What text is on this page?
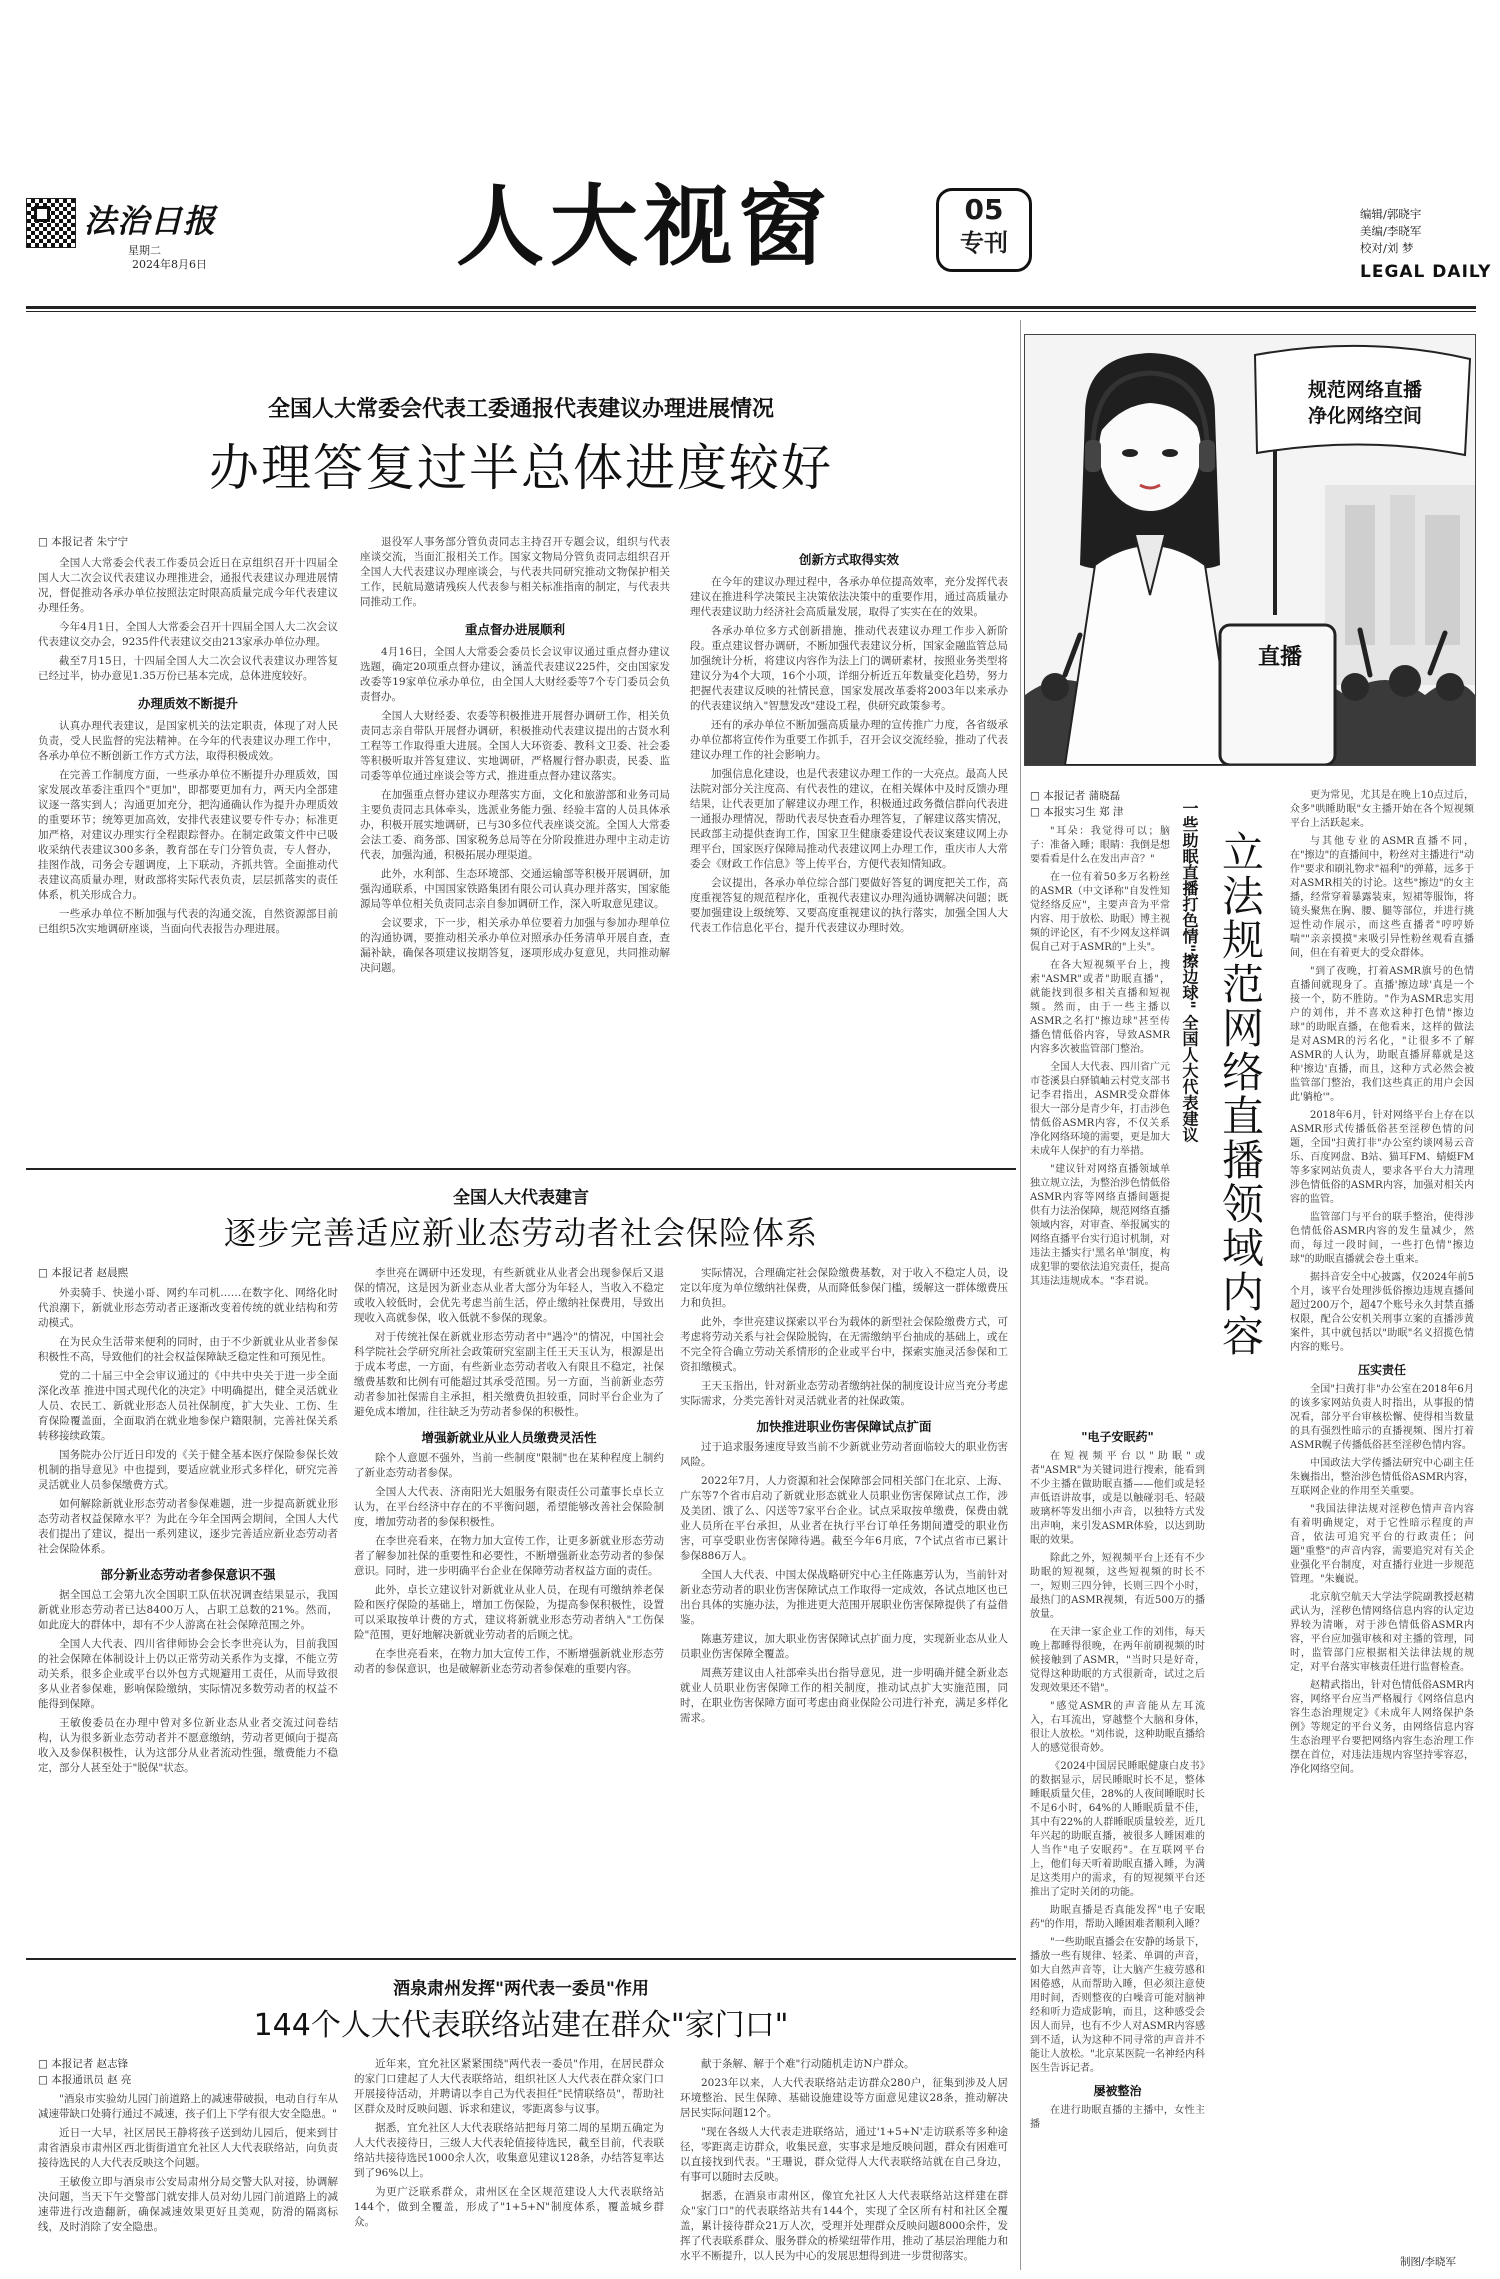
法治日报
星期二
2024年8月6日	人大视窗	05
专刊
编辑/郭晓宇
美编/李晓军
校对/刘 梦
LEGAL DAILY
全国人大常委会代表工委通报代表建议办理进展情况
办理答复过半总体进度较好
□ 本报记者 朱宁宁

全国人大常委会代表工作委员会近日在京组织召开十四届全国人大二次会议代表建议办理推进会，通报代表建议办理进展情况，督促推动各承办单位按照法定时限高质量完成今年代表建议办理任务。

今年4月1日，全国人大常委会召开十四届全国人大二次会议代表建议交办会，9235件代表建议交由213家承办单位办理。

截至7月15日，十四届全国人大二次会议代表建议办理答复已经过半，协办意见1.35万份已基本完成，总体进度较好。

办理质效不断提升

认真办理代表建议，是国家机关的法定职责，体现了对人民负责，受人民监督的宪法精神。在今年的代表建议办理工作中，各承办单位不断创新工作方式方法，取得积极成效。

在完善工作制度方面，一些承办单位不断提升办理质效，国家发展改革委注重四个"更加"，即都要更加有力，两天内全部建议逐一落实到人；沟通更加充分，把沟通确认作为提升办理质效的重要环节；统筹更加高效，安排代表建议要专件专办；标准更加严格，对建议办理实行全程跟踪督办。在制定政策文件中已吸收采纳代表建议300多条，教育部在专门分管负责，专人督办，挂图作战，司务会专题调度，上下联动，齐抓共管。全面推动代表建议高质量办理，财政部将实际代表负责，层层抓落实的责任体系，机关形成合力。

一些承办单位不断加强与代表的沟通交流，自然资源部目前已组织5次实地调研座谈，当面向代表报告办理进展。

退役军人事务部分管负责同志主持召开专题会议，组织与代表座谈交流，当面汇报相关工作。国家文物局分管负责同志组织召开全国人大代表建议办理座谈会，与代表共同研究推动文物保护相关工作，民航局邀请残疾人代表参与相关标准指南的制定，与代表共同推动工作。

重点督办进展顺利

4月16日，全国人大常委会委员长会议审议通过重点督办建议选题，确定20项重点督办建议，涵盖代表建议225件，交由国家发改委等19家单位承办单位，由全国人大财经委等7个专门委员会负责督办。

全国人大财经委、农委等积极推进开展督办调研工作，相关负责同志亲自带队开展督办调研，积极推动代表建议提出的古贤水利工程等工作取得重大进展。全国人大环资委、教科文卫委、社会委等积极听取并答复建议、实地调研，严格履行督办职责，民委、监司委等单位通过座谈会等方式，推进重点督办建议落实。

在加强重点督办建议办理落实方面，文化和旅游部和业务司局主要负责同志具体牵头，选派业务能力强、经验丰富的人员具体承办，积极开展实地调研，已与30多位代表座谈交流。全国人大常委会法工委、商务部、国家税务总局等在分阶段推进办理中主动走访代表，加强沟通，积极拓展办理渠道。

此外，水利部、生态环境部、交通运输部等积极开展调研，加强沟通联系，中国国家铁路集团有限公司认真办理并落实，国家能源局等单位相关负责同志亲自参加调研工作，深入听取意见建议。

会议要求，下一步，相关承办单位要着力加强与参加办理单位的沟通协调，要推动相关承办单位对照承办任务清单开展自查，查漏补缺，确保各项建议按期答复，逐项形成办复意见，共同推动解决问题。

创新方式取得实效

在今年的建议办理过程中，各承办单位提高效率，充分发挥代表建议在推进科学决策民主决策依法决策中的重要作用，通过高质量办理代表建议助力经济社会高质量发展，取得了实实在在的效果。

各承办单位多方式创新措施，推动代表建议办理工作步入新阶段。重点建议督办调研，不断加强代表建议分析，国家金融监管总局加强统计分析，将建议内容作为法上门的调研素材，按照业务类型将建议分为4个大项，16个小项，详细分析近五年数量变化趋势，努力把握代表建议反映的社情民意，国家发展改革委将2003年以来承办的代表建议纳入"智慧发改"建设工程，供研究政策参考。

还有的承办单位不断加强高质量办理的宣传推广力度，各省级承办单位都将宣传作为重要工作抓手，召开会议交流经验，推动了代表建议办理工作的社会影响力。

加强信息化建设，也是代表建议办理工作的一大亮点。最高人民法院对部分关注度高、有代表性的建议，在相关媒体中及时反馈办理结果，让代表更加了解建议办理工作，积极通过政务微信群向代表进一通报办理情况，帮助代表尽快查看办理答复，了解建议落实情况，民政部主动提供查询工作，国家卫生健康委建设代表议案建议网上办理平台，国家医疗保障局推动代表建议网上办理工作，重庆市人大常委会《财政工作信息》等上传平台，方便代表知情知政。

会议提出，各承办单位综合部门要做好答复的调度把关工作，高度重视答复的规范程序化，重视代表建议办理沟通协调解决问题；既要加强建设上级统筹、又要高度重视建议的执行落实，加强全国人大代表工作信息化平台，提升代表建议办理时效。

全国人大代表建言
逐步完善适应新业态劳动者社会保险体系
□ 本报记者 赵晨熙

外卖骑手、快递小哥、网约车司机……在数字化、网络化时代浪潮下，新就业形态劳动者正逐渐改变着传统的就业结构和劳动模式。

在为民众生活带来便利的同时，由于不少新就业从业者参保积极性不高，导致他们的社会权益保障缺乏稳定性和可预见性。

党的二十届三中全会审议通过的《中共中央关于进一步全面深化改革 推进中国式现代化的决定》中明确提出，健全灵活就业人员、农民工、新就业形态人员社保制度，扩大失业、工伤、生育保险覆盖面，全面取消在就业地参保户籍限制，完善社保关系转移接续政策。

国务院办公厅近日印发的《关于健全基本医疗保险参保长效机制的指导意见》中也提到，要适应就业形式多样化，研究完善灵活就业人员参保缴费方式。

如何解除新就业形态劳动者参保难题，进一步提高新就业形态劳动者权益保障水平？为此在今年全国两会期间，全国人大代表们提出了建议，提出一系列建议，逐步完善适应新业态劳动者社会保险体系。

部分新业态劳动者参保意识不强

据全国总工会第九次全国职工队伍状况调查结果显示，我国新就业形态劳动者已达8400万人，占职工总数的21%。然而，如此庞大的群体中，却有不少人游离在社会保障范围之外。

全国人大代表、四川省律师协会会长李世亮认为，目前我国的社会保障在体制设计上仍以正常劳动关系作为支撑，不能立劳动关系，很多企业或平台以外包方式规避用工责任，从而导致很多从业者参保难，影响保险缴纳，实际情况多数劳动者的权益不能得到保障。

王敏俊委员在办理中曾对多位新业态从业者交流过问卷结构，认为很多新业态劳动者并不愿意缴纳，劳动者更倾向于提高收入及参保积极性，认为这部分从业者流动性强，缴费能力不稳定，部分人甚至处于"脱保"状态。

李世亮在调研中还发现，有些新就业从业者会出现参保后又退保的情况，这是因为新业态从业者大部分为年轻人，当收入不稳定或收入较低时，会优先考虑当前生活，停止缴纳社保费用，导致出现收入高就参保，收入低就不参保的现象。

对于传统社保在新就业形态劳动者中"遇冷"的情况，中国社会科学院社会学研究所社会政策研究室副主任王天玉认为，根源是出于成本考虑，一方面，有些新业态劳动者收入有限且不稳定，社保缴费基数和比例有可能超过其承受范围。另一方面，当前新业态劳动者参加社保需自主承担，相关缴费负担较重，同时平台企业为了避免成本增加，往往缺乏为劳动者参保的积极性。

增强新就业从业人员缴费灵活性

除个人意愿不强外，当前一些制度"限制"也在某种程度上制约了新业态劳动者参保。

全国人大代表、济南阳光大姐服务有限责任公司董事长卓长立认为，在平台经济中存在的不平衡问题，希望能够改善社会保险制度，增加劳动者的参保积极性。

在李世亮看来，在物力加大宣传工作，让更多新就业形态劳动者了解参加社保的重要性和必要性，不断增强新业态劳动者的参保意识。同时，进一步明确平台企业在保障劳动者权益方面的责任。

此外，卓长立建议针对新就业从业人员，在现有可缴纳养老保险和医疗保险的基础上，增加工伤保险，为提高参保积极性，设置可以采取按单计费的方式，建议将新就业形态劳动者纳入"工伤保险"范围，更好地解决新就业劳动者的后顾之忧。

在李世亮看来，在物力加大宣传工作，不断增强新就业形态劳动者的参保意识，也是破解新业态劳动者参保难的重要内容。

实际情况，合理确定社会保险缴费基数，对于收入不稳定人员，设定以年度为单位缴纳社保费，从而降低参保门槛，缓解这一群体缴费压力和负担。

此外，李世亮建议探索以平台为载体的新型社会保险缴费方式，可考虑将劳动关系与社会保险脱钩，在无需缴纳平台抽成的基础上，或在不完全符合确立劳动关系情形的企业或平台中，探索实施灵活参保和工资扣缴模式。

王天玉指出，针对新业态劳动者缴纳社保的制度设计应当充分考虑实际需求，分类完善针对灵活就业者的社保政策。

加快推进职业伤害保障试点扩面

过于追求服务速度导致当前不少新就业劳动者面临较大的职业伤害风险。

2022年7月，人力资源和社会保障部会同相关部门在北京、上海、广东等7个省市启动了新就业形态就业人员职业伤害保障试点工作，涉及美团、饿了么、闪送等7家平台企业。试点采取按单缴费，保费由就业人员所在平台承担，从业者在执行平台订单任务期间遭受的职业伤害，可享受职业伤害保障待遇。截至今年6月底，7个试点省市已累计参保886万人。

全国人大代表、中国太保战略研究中心主任陈惠芳认为，当前针对新业态劳动者的职业伤害保障试点工作取得一定成效，各试点地区也已出台具体的实施办法，为推进更大范围开展职业伤害保障提供了有益借鉴。

陈惠芳建议，加大职业伤害保障试点扩面力度，实现新业态从业人员职业伤害保障全覆盖。

周燕芳建议由人社部牵头出台指导意见，进一步明确并健全新业态就业人员职业伤害保障工作的相关制度，推动试点扩大实施范围，同时，在职业伤害保障方面可考虑由商业保险公司进行补充，满足多样化需求。

酒泉肃州发挥"两代表一委员"作用
144个人大代表联络站建在群众"家门口"
□ 本报记者 赵志锋
□ 本报通讯员 赵 亮

"酒泉市实验幼儿园门前道路上的减速带破损，电动自行车从减速带缺口处骑行通过不减速，孩子们上下学有很大安全隐患。"

近日一大早，社区居民王静将孩子送到幼儿园后，便来到甘肃省酒泉市肃州区西北街街道宜允社区人大代表联络站，向负责接待选民的人大代表反映这个问题。

王敏俊立即与酒泉市公安局肃州分局交警大队对接，协调解决问题，当天下午交警部门就安排人员对幼儿园门前道路上的减速带进行改造翻新，确保减速效果更好且美观，防滑的隔离标线，及时消除了安全隐患。

近年来，宜允社区紧紧围绕"两代表一委员"作用，在居民群众的家门口建起了人大代表联络站，组织社区人大代表在群众家门口开展接待活动，并聘请以李自己为代表担任"民情联络员"，帮助社区群众及时反映问题、诉求和建议，零距离参与议事。

据悉，宜允社区人大代表联络站把每月第二周的星期五确定为人大代表接待日，三级人大代表轮值接待选民，截至目前，代表联络站共接待选民1000余人次，收集意见建议128条，办结答复率达到了96%以上。

为更广泛联系群众，肃州区在全区规范建设人大代表联络站144个，做到全覆盖，形成了"1+5+N"制度体系，覆盖城乡群众。

献于条解、解于个难"行动随机走访N户群众。

2023年以来，人大代表联络站走访群众280户，征集到涉及人居环境整治、民生保障、基础设施建设等方面意见建议28条，推动解决居民实际问题12个。

"现在各级人大代表走进联络站，通过'1+5+N'走访联系等多种途径，零距离走访群众，收集民意，实事求是地反映问题，群众有困难可以直接找到代表。"王珊说，群众觉得人大代表联络站就在自己身边，有事可以随时去反映。

据悉，在酒泉市肃州区，像宜允社区人大代表联络站这样建在群众"家门口"的代表联络站共有144个，实现了全区所有村和社区全覆盖，累计接待群众21万人次，受理并处理群众反映问题8000余件，发挥了代表联系群众、服务群众的桥梁纽带作用，推动了基层治理能力和水平不断提升，以人民为中心的发展思想得到进一步贯彻落实。

规范网络直播
净化网络空间
直播
□ 本报记者 蒲晓磊
□ 本报实习生 郑 津	一些助眠直播打色情"擦边球" 全国人大代表建议 立法规范网络直播领域内容

"耳朵：我觉得可以；脑子：准备入睡；眼睛：我倒是想要看看是什么在发出声音？"

在一位有着50多万名粉丝的ASMR（中文译称"自发性知觉经络反应"，主要声音为平常内容、用于放松、助眠）博主视频的评论区，有不少网友这样调侃自己对于ASMR的"上头"。

在各大短视频平台上，搜索"ASMR"或者"助眠直播"，就能找到很多相关直播和短视频。然而，由于一些主播以ASMR之名打"擦边球"甚至传播色情低俗内容，导致ASMR内容多次被监管部门整治。

全国人大代表、四川省广元市苍溪县白驿镇岫云村党支部书记李君指出，ASMR受众群体很大一部分是青少年，打击涉色情低俗ASMR内容，不仅关系净化网络环境的需要，更是加大未成年人保护的有力举措。

"建议针对网络直播领域单独立规立法，为整治涉色情低俗ASMR内容等网络直播间题提供有力法治保障，规范网络直播领域内容，对审查、举报属实的网络直播平台实行追讨机制，对违法主播实行'黑名单'制度，构成犯罪的要依法追究责任，提高其违法违规成本。"李君说。

"电子安眠药"

在短视频平台以"助眠"或者"ASMR"为关键词进行搜索，能看到不少主播在做助眠直播——他们或是轻声低语讲故事，或是以触碰羽毛、轻敲玻璃杯等发出细小声音，以独特方式发出声响，来引发ASMR体验，以达到助眠的效果。

除此之外，短视频平台上还有不少助眠的短视频，这些短视频的时长不一，短则三四分钟，长则三四个小时，最热门的ASMR视频，有近500万的播放量。

在天津一家企业工作的刘伟，每天晚上都睡得很晚，在两年前刷视频的时候接触到了ASMR，"当时只是好奇，觉得这种助眠的方式很新奇，试过之后发现效果还不错"。

"感觉ASMR的声音能从左耳流入，右耳流出，穿越整个大脑和身体，很让人放松。"刘伟说，这种助眠直播给人的感觉很奇妙。

《2024中国居民睡眠健康白皮书》的数据显示，居民睡眠时长不足，整体睡眠质量欠佳，28%的人夜间睡眠时长不足6小时，64%的人睡眠质量不佳，其中有22%的人群睡眠质量较差，近几年兴起的助眠直播，被很多人睡困难的人当作"电子安眠药"。在互联网平台上，他们每天听着助眠直播入睡，为满足这类用户的需求，有的短视频平台还推出了定时关闭的功能。

助眠直播是否真能发挥"电子安眠药"的作用，帮助入睡困难者顺利入睡？

"一些助眠直播会在安静的场景下，播放一些有规律、轻柔、单调的声音，如大自然声音等，让大脑产生疲劳感和困倦感，从而帮助入睡，但必须注意使用时间，否则整夜的白噪音可能对脑神经和听力造成影响，而且，这种感受会因人而异，也有不少人对ASMR内容感到不适，认为这种不同寻常的声音并不能让人放松。"北京某医院一名神经内科医生告诉记者。

屡被整治

在进行助眠直播的主播中，女性主播

更为常见，尤其是在晚上10点过后，众多"哄睡助眠"女主播开始在各个短视频平台上活跃起来。

与其他专业的ASMR直播不同，在"擦边"的直播间中，粉丝对主播进行"动作"要求和刷礼物求"福利"的弹幕，远多于对ASMR相关的讨论。这些"擦边"的女主播，经常穿着暴露装束，短裙等服饰，将镜头聚焦在胸、腰、腿等部位，并进行挑逗性动作展示，而这些直播者"哼哼娇喘""亲亲摸摸"来吸引异性粉丝观看直播间，但在有着更大的受众群体。

"到了夜晚，打着ASMR旗号的色情直播间就现身了。直播'擦边球'真是一个接一个，防不胜防。"作为ASMR忠实用户的刘伟，并不喜欢这种打色情"擦边球"的助眠直播，在他看来，这样的做法是对ASMR的污名化，"让很多不了解ASMR的人认为，助眠直播屏幕就是这种'擦边'直播，而且，这种方式必然会被监管部门整治，我们这些真正的用户会因此'躺枪'"。

2018年6月，针对网络平台上存在以ASMR形式传播低俗甚至淫秽色情的问题，全国"扫黄打非"办公室约谈网易云音乐、百度网盘、B站、猫耳FM、蜻蜓FM等多家网站负责人，要求各平台大力清理涉色情低俗的ASMR内容，加强对相关内容的监管。

监管部门与平台的联手整治，使得涉色情低俗ASMR内容的发生量减少，然而，每过一段时间，一些打色情"擦边球"的助眠直播就会卷土重来。

据抖音安全中心披露，仅2024年前5个月，该平台处理涉低俗擦边违规直播间超过200万个，超47个账号永久封禁直播权限，配合公安机关刑事立案的直播涉黄案件，其中就包括以"助眠"名义招揽色情内容的账号。

压实责任

全国"扫黄打非"办公室在2018年6月的该多家网站负责人时指出，从事报的情况看，部分平台审核松懈、使得相当数量的具有强烈性暗示的直播视频、图片打着ASMR幌子传播低俗甚至淫秽色情内容。

中国政法大学传播法研究中心副主任朱巍指出，整治涉色情低俗ASMR内容，互联网企业的作用至关重要。

"我国法律法规对淫秽色情声音内容有着明确规定，对于它性暗示程度的声音，依法可追究平台的行政责任；问题"重整"的声音内容，需要追究对有关企业强化平台制度，对直播行业进一步规范管理。"朱巍说。

北京航空航天大学法学院副教授赵精武认为，淫秽色情网络信息内容的认定边界较为清晰，对于涉色情低俗ASMR内容，平台应加强审核和对主播的管理，同时，监管部门应根据相关法律法规的规定，对平台落实审核责任进行监督检查。

赵精武指出，针对色情低俗ASMR内容，网络平台应当严格履行《网络信息内容生态治理规定》《未成年人网络保护条例》等规定的平台义务，由网络信息内容生态治理平台要把网络内容生态治理工作摆在首位，对违法违规内容坚持零容忍，净化网络空间。

制图/李晓军
